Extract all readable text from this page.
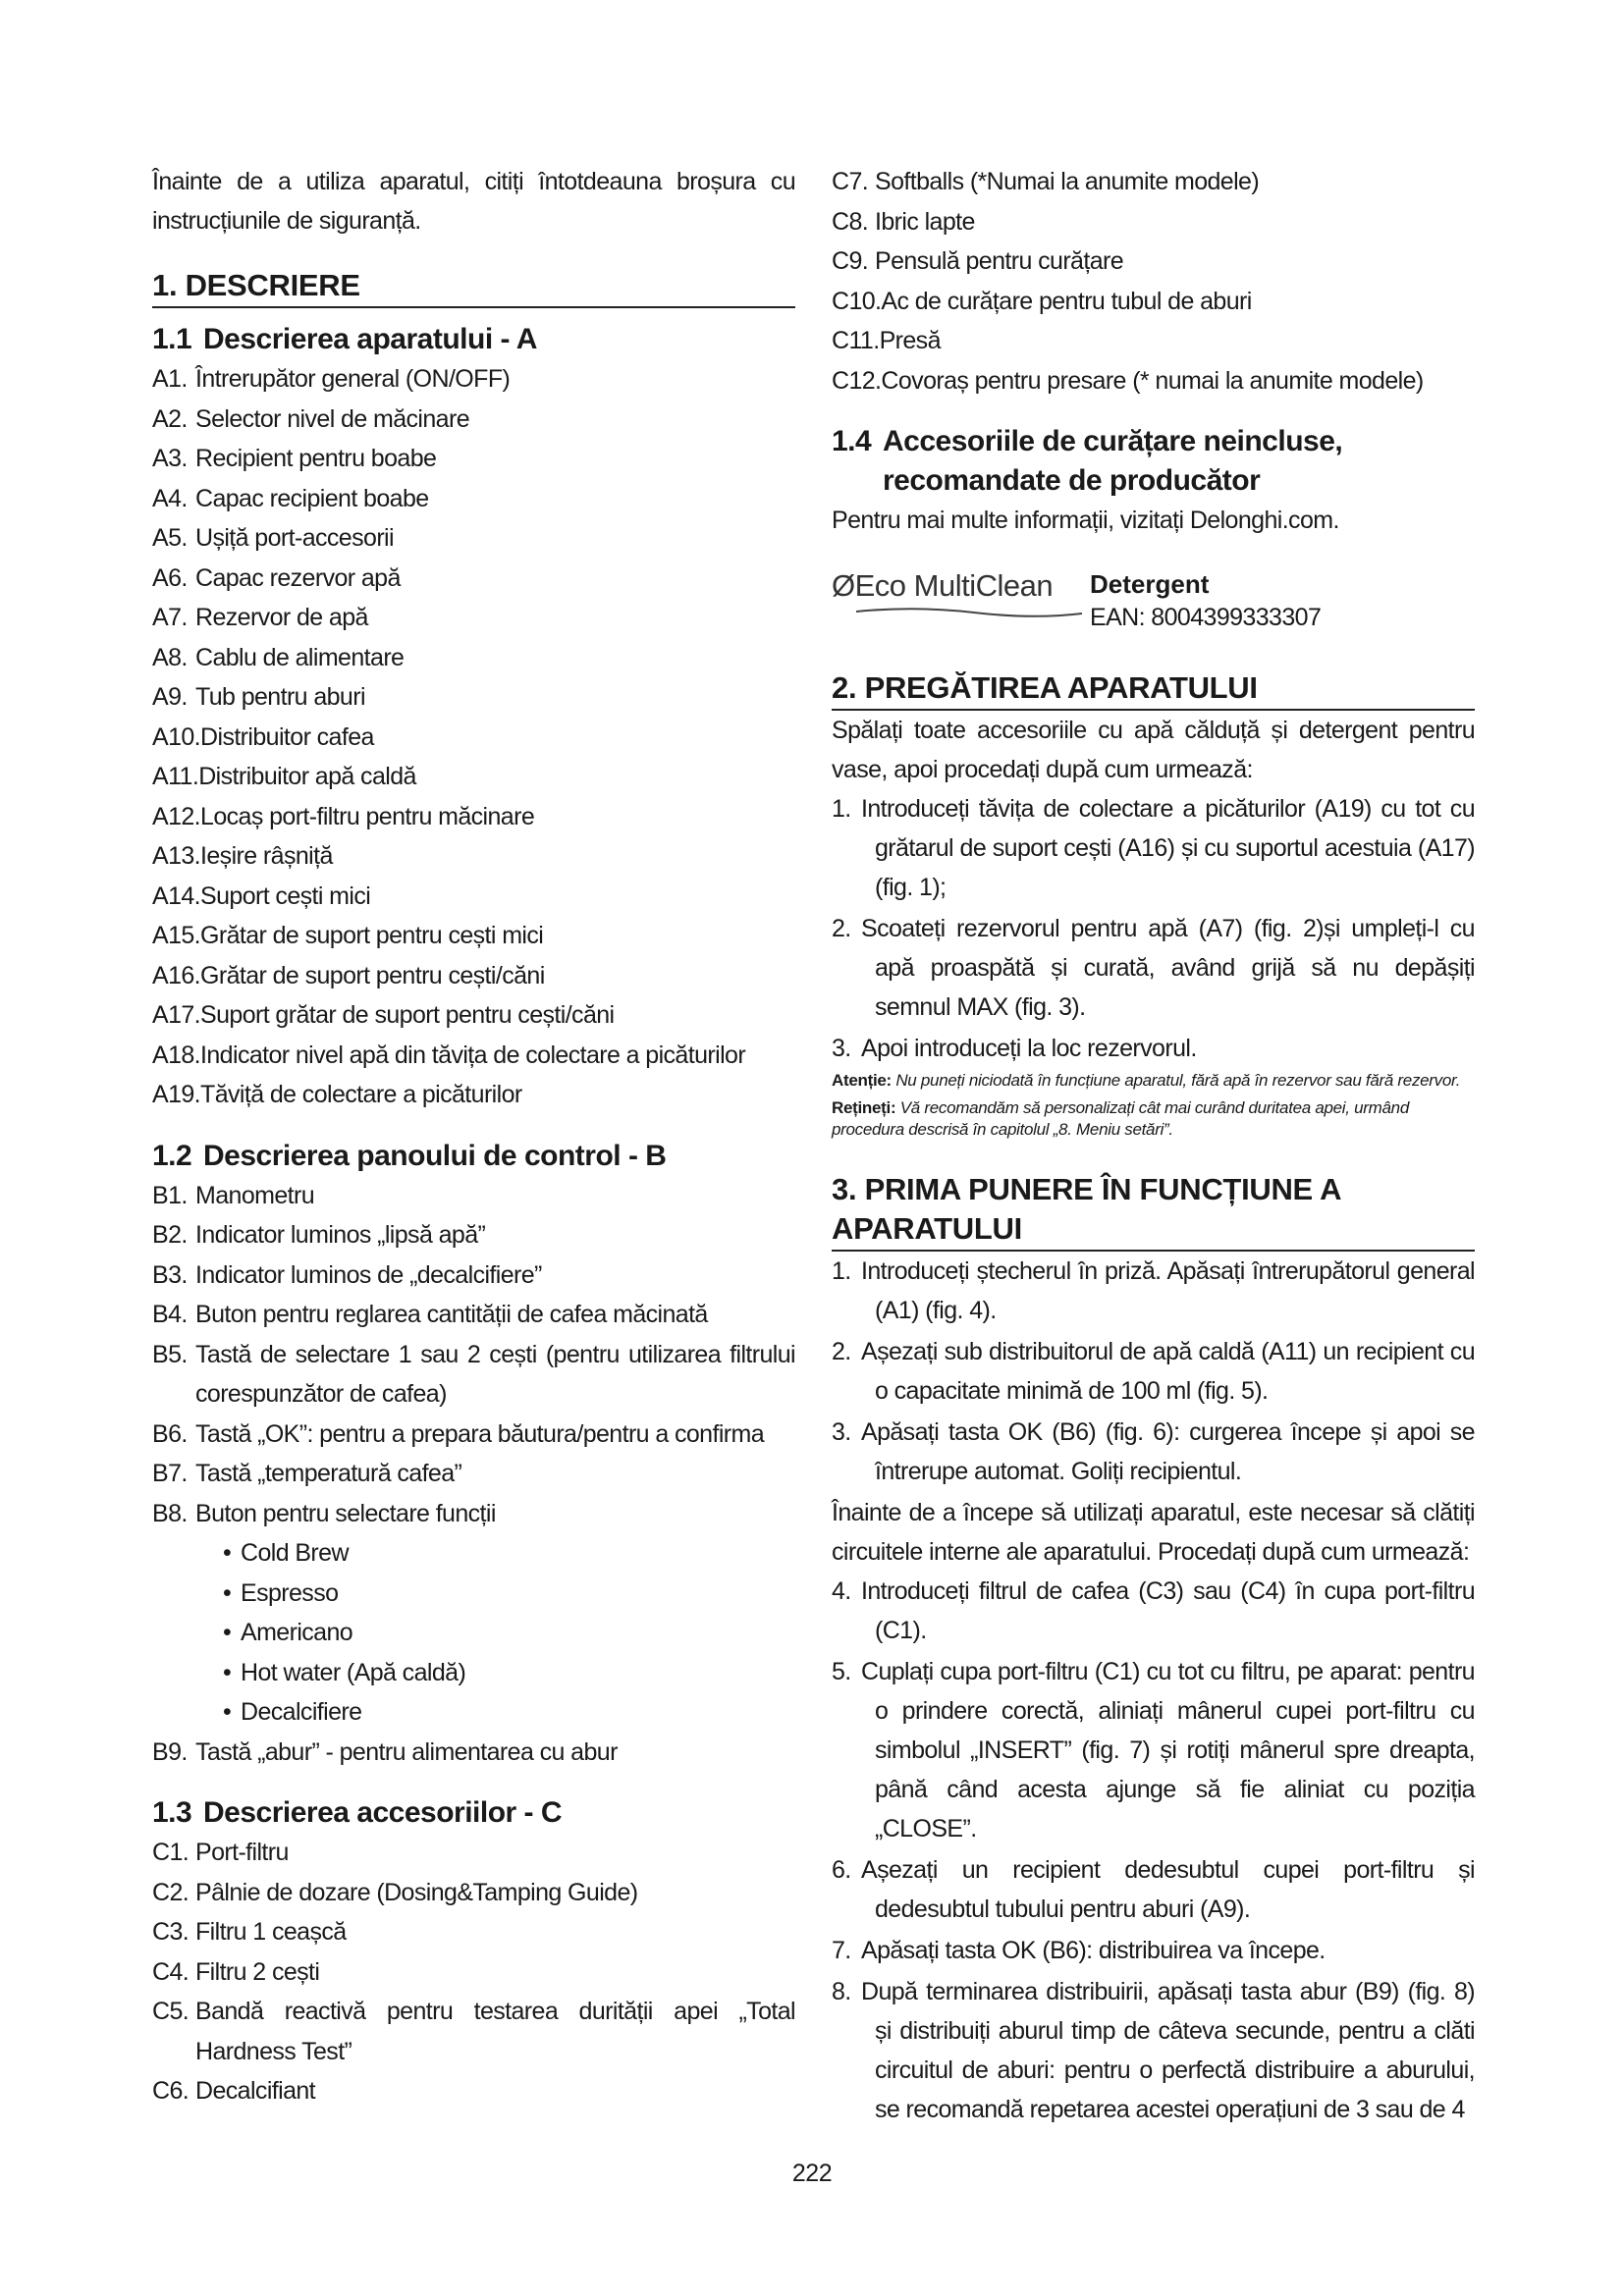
Înainte de a utiliza aparatul, citiți întotdeauna broșura cu instrucțiunile de siguranță.

1. DESCRIERE
1.1 Descrierea aparatului - A
A1. Întrerupător general (ON/OFF)
A2. Selector nivel de măcinare
A3. Recipient pentru boabe
A4. Capac recipient boabe
A5. Ușiță port-accesorii
A6. Capac rezervor apă
A7. Rezervor de apă
A8. Cablu de alimentare
A9. Tub pentru aburi
A10.Distribuitor cafea
A11.Distribuitor apă caldă
A12.Locaș port-filtru pentru măcinare
A13.Ieșire râșniță
A14.Suport cești mici
A15.Grătar de suport pentru cești mici
A16.Grătar de suport pentru cești/căni
A17.Suport grătar de suport pentru cești/căni
A18.Indicator nivel apă din tăvița de colectare a picăturilor
A19.Tăviță de colectare a picăturilor
1.2 Descrierea panoului de control - B
B1. Manometru
B2. Indicator luminos „lipsă apă”
B3. Indicator luminos de „decalcifiere”
B4. Buton pentru reglarea cantității de cafea măcinată
B5. Tastă de selectare 1 sau 2 cești (pentru utilizarea filtrului corespunzător de cafea)
B6. Tastă „OK”: pentru a prepara băutura/pentru a confirma
B7. Tastă „temperatură cafea”
B8. Buton pentru selectare funcții
• Cold Brew
• Espresso
• Americano
• Hot water (Apă caldă)
• Decalcifiere
B9. Tastă „abur” - pentru alimentarea cu abur
1.3 Descrierea accesoriilor - C
C1. Port-filtru
C2. Pâlnie de dozare (Dosing&Tamping Guide)
C3. Filtru 1 ceașcă
C4. Filtru 2 cești
C5. Bandă reactivă pentru testarea durității apei „Total Hardness Test”
C6. Decalcifiant
C7. Softballs (*Numai la anumite modele)
C8. Ibric lapte
C9. Pensulă pentru curățare
C10.Ac de curățare pentru tubul de aburi
C11.Presă
C12.Covoraș pentru presare (* numai la anumite modele)
1.4 Accesoriile de curățare neincluse,
recomandate de producător

Pentru mai multe informații, vizitați Delonghi.com.

ØEco MultiClean Detergent
EAN: 8004399333307
2. PREGĂTIREA APARATULUI

Spălați toate accesoriile cu apă călduță și detergent pentru vase, apoi procedați după cum urmează:

1. Introduceți tăvița de colectare a picăturilor (A19) cu tot cu grătarul de suport cești (A16) și cu suportul acestuia (A17) (fig. 1);
2. Scoateți rezervorul pentru apă (A7) (fig. 2)și umpleți-l cu apă proaspătă și curată, având grijă să nu depășiți semnul MAX (fig. 3).
3. Apoi introduceți la loc rezervorul.

Atenție: Nu puneți niciodată în funcțiune aparatul, fără apă în rezervor sau fără rezervor.

Rețineți: Vă recomandăm să personalizați cât mai curând duritatea apei, urmând procedura descrisă în capitolul „8. Meniu setări”.

3. PRIMA PUNERE ÎN FUNCȚIUNE A APARATULUI
1. Introduceți ștecherul în priză. Apăsați întrerupătorul general (A1) (fig. 4).
2. Așezați sub distribuitorul de apă caldă (A11) un recipient cu o capacitate minimă de 100 ml (fig. 5).
3. Apăsați tasta OK (B6) (fig. 6): curgerea începe și apoi se întrerupe automat. Goliți recipientul.

Înainte de a începe să utilizați aparatul, este necesar să clătiți circuitele interne ale aparatului. Procedați după cum urmează:

4. Introduceți filtrul de cafea (C3) sau (C4) în cupa port-filtru (C1).
5. Cuplați cupa port-filtru (C1) cu tot cu filtru, pe aparat: pentru o prindere corectă, aliniați mânerul cupei port-filtru cu simbolul „INSERT” (fig. 7) și rotiți mânerul spre dreapta, până când acesta ajunge să fie aliniat cu poziția „CLOSE”.
6. Așezați un recipient dedesubtul cupei port-filtru și dedesubtul tubului pentru aburi (A9).
7. Apăsați tasta OK (B6): distribuirea va începe.
8. După terminarea distribuirii, apăsați tasta abur (B9) (fig. 8) și distribuiți aburul timp de câteva secunde, pentru a clăti circuitul de aburi: pentru o perfectă distribuire a aburului, se recomandă repetarea acestei operațiuni de 3 sau de 4
222
